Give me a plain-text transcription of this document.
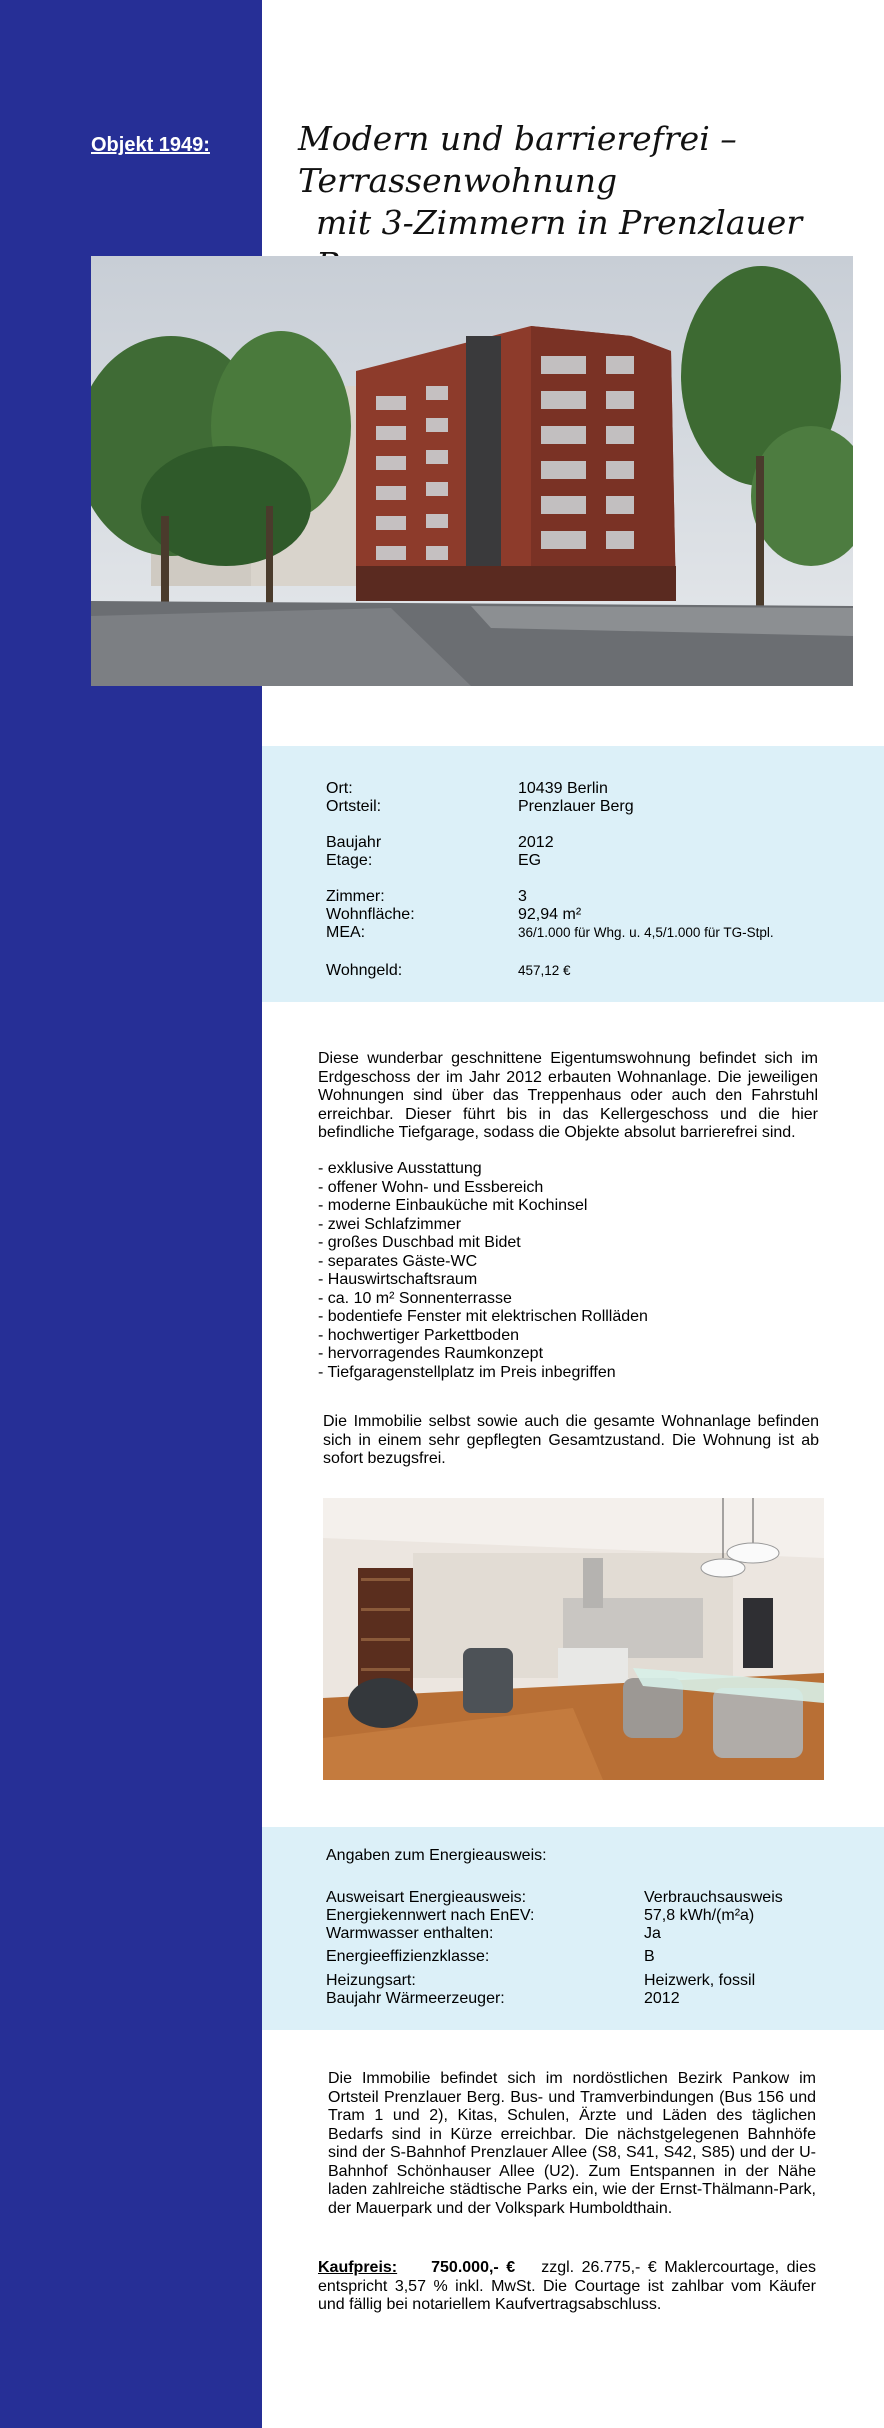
Objekt 1949:	Modern und barrierefrei – Terrassenwohnung
mit 3-Zimmern in Prenzlauer
Ort:	10439 Berlin
Ortsteil:	Prenzlauer Berg
Baujahr	2012
Etage:	EG
Zimmer:	3
Wohnfläche:	92,94 m²
MEA:	36/1.000 für Whg. u. 4,5/1.000 für TG-Stpl.
Wohngeld:	457,12 €
Diese wunderbar geschnittene Eigentumswohnung befindet sich im Erdgeschoss der im Jahr 2012 erbauten Wohnanlage. Die jeweiligen Wohnungen sind über das Treppenhaus oder auch den Fahrstuhl erreichbar. Dieser führt bis in das Kellergeschoss und die hier befindliche Tiefgarage, sodass die Objekte absolut barrierefrei sind.
- exklusive Ausstattung
- offener Wohn- und Essbereich
- moderne Einbauküche mit Kochinsel
- zwei Schlafzimmer
- großes Duschbad mit Bidet
- separates Gäste-WC
- Hauswirtschaftsraum
- ca. 10 m² Sonnenterrasse
- bodentiefe Fenster mit elektrischen Rollläden
- hochwertiger Parkettboden
- hervorragendes Raumkonzept
- Tiefgaragenstellplatz im Preis inbegriffen
Die Immobilie selbst sowie auch die gesamte Wohnanlage befinden sich in einem sehr gepflegten Gesamtzustand. Die Wohnung ist ab sofort bezugsfrei.
Angaben zum Energieausweis:
Ausweisart Energieausweis:	Verbrauchsausweis
Energiekennwert nach EnEV:	57,8 kWh/(m²a)
Warmwasser enthalten:	Ja
Energieeffizienzklasse:	B
Heizungsart:	Heizwerk, fossil
Baujahr Wärmeerzeuger:	2012
Die Immobilie befindet sich im nordöstlichen Bezirk Pankow im Ortsteil Prenzlauer Berg. Bus- und Tramverbindungen (Bus 156 und Tram 1 und 2), Kitas, Schulen, Ärzte und Läden des täglichen Bedarfs sind in Kürze erreichbar. Die nächstgelegenen Bahnhöfe sind der S-Bahnhof Prenzlauer Allee (S8, S41, S42, S85) und der U-Bahnhof Schönhauser Allee (U2). Zum Entspannen in der Nähe laden zahlreiche städtische Parks ein, wie der Ernst-Thälmann-Park, der Mauerpark und der Volkspark Humboldthain.
Kaufpreis: 750.000,- € zzgl. 26.775,- € Maklercourtage, dies entspricht 3,57 % inkl. MwSt. Die Courtage ist zahlbar vom Käufer und fällig bei notariellem Kaufvertragsabschluss.
